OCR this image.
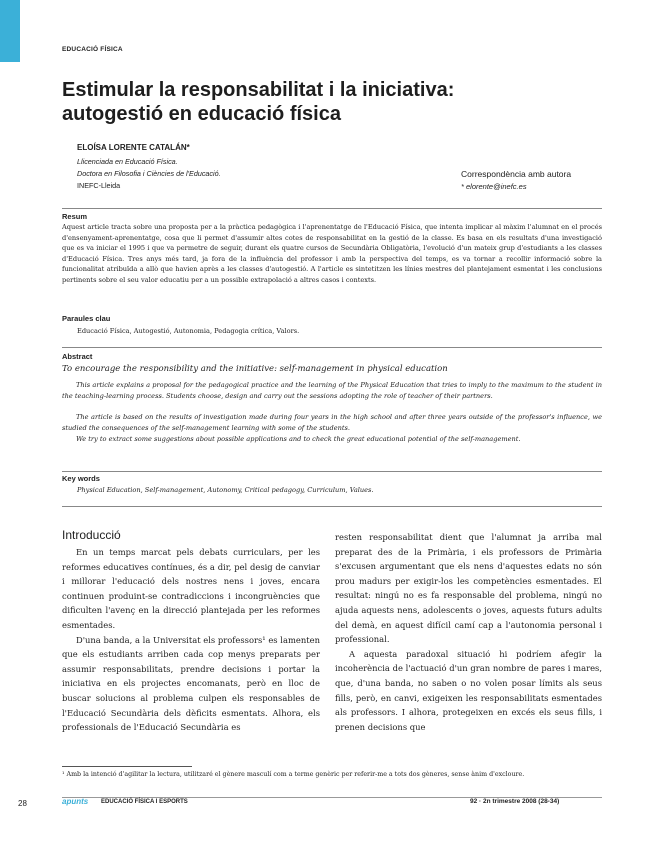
EDUCACIÓ FÍSICA
Estimular la responsabilitat i la iniciativa:
autogestió en educació física
ELOÍSA LORENTE CATALÁN*
Llicenciada en Educació Física.
Doctora en Filosofia i Ciències de l'Educació.
INEFC-Lleida
Correspondència amb autora
* elorente@inefc.es
Resum
Aquest article tracta sobre una proposta per a la pràctica pedagògica i l'aprenentatge de l'Educació Física, que intenta implicar al màxim l'alumnat en el procés d'ensenyament-aprenentatge, cosa que li permet d'assumir altes cotes de responsabilitat en la gestió de la classe. Es basa en els resultats d'una investigació que es va iniciar el 1995 i que va permetre de seguir, durant els quatre cursos de Secundària Obligatòria, l'evolució d'un mateix grup d'estudiants a les classes d'Educació Física. Tres anys més tard, ja fora de la influència del professor i amb la perspectiva del temps, es va tornar a recollir informació sobre la funcionalitat atribuïda a allò que havien après a les classes d'autogestió. A l'article es sintetitzen les línies mestres del plantejament esmentat i les conclusions pertinents sobre el seu valor educatiu per a un possible extrapolació a altres casos i contexts.
Paraules clau
Educació Física, Autogestió, Autonomia, Pedagogia crítica, Valors.
Abstract
To encourage the responsibility and the initiative: self-management in physical education
This article explains a proposal for the pedagogical practice and the learning of the Physical Education that tries to imply to the maximum to the student in the teaching-learning process. Students choose, design and carry out the sessions adopting the role of teacher of their partners.
The article is based on the results of investigation made during four years in the high school and after three years outside of the professor's influence, we studied the consequences of the self-management learning with some of the students.
We try to extract some suggestions about possible applications and to check the great educational potential of the self-management.
Key words
Physical Education, Self-management, Autonomy, Critical pedagogy, Curriculum, Values.
Introducció

En un temps marcat pels debats curriculars, per les reformes educatives contínues, és a dir, pel desig de canviar i millorar l'educació dels nostres nens i joves, encara continuen produint-se contradiccions i incongruències que dificulten l'avenç en la direcció plantejada per les reformes esmentades.

D'una banda, a la Universitat els professors¹ es lamenten que els estudiants arriben cada cop menys preparats per assumir responsabilitats, prendre decisions i portar la iniciativa en els projectes encomanats, però en lloc de buscar solucions al problema culpen els responsables de l'Educació Secundària dels dèficits esmentats. Alhora, els professionals de l'Educació Secundària es

resten responsabilitat dient que l'alumnat ja arriba mal preparat des de la Primària, i els professors de Primària s'excusen argumentant que els nens d'aquestes edats no són prou madurs per exigir-los les competències esmentades. El resultat: ningú no es fa responsable del problema, ningú no ajuda aquests nens, adolescents o joves, aquests futurs adults del demà, en aquest difícil camí cap a l'autonomia personal i professional.

A aquesta paradoxal situació hi podríem afegir la incoherència de l'actuació d'un gran nombre de pares i mares, que, d'una banda, no saben o no volen posar límits als seus fills, però, en canvi, exigeixen les responsabilitats esmentades als professors. I alhora, protegeixen en excés els seus fills, i prenen decisions que

¹ Amb la intenció d'agilitar la lectura, utilitzaré el gènere masculí com a terme genèric per referir-me a tots dos gèneres, sense ànim d'excloure.
28	apunts EDUCACIÓ FÍSICA I ESPORTS	92 · 2n trimestre 2008 (28-34)
